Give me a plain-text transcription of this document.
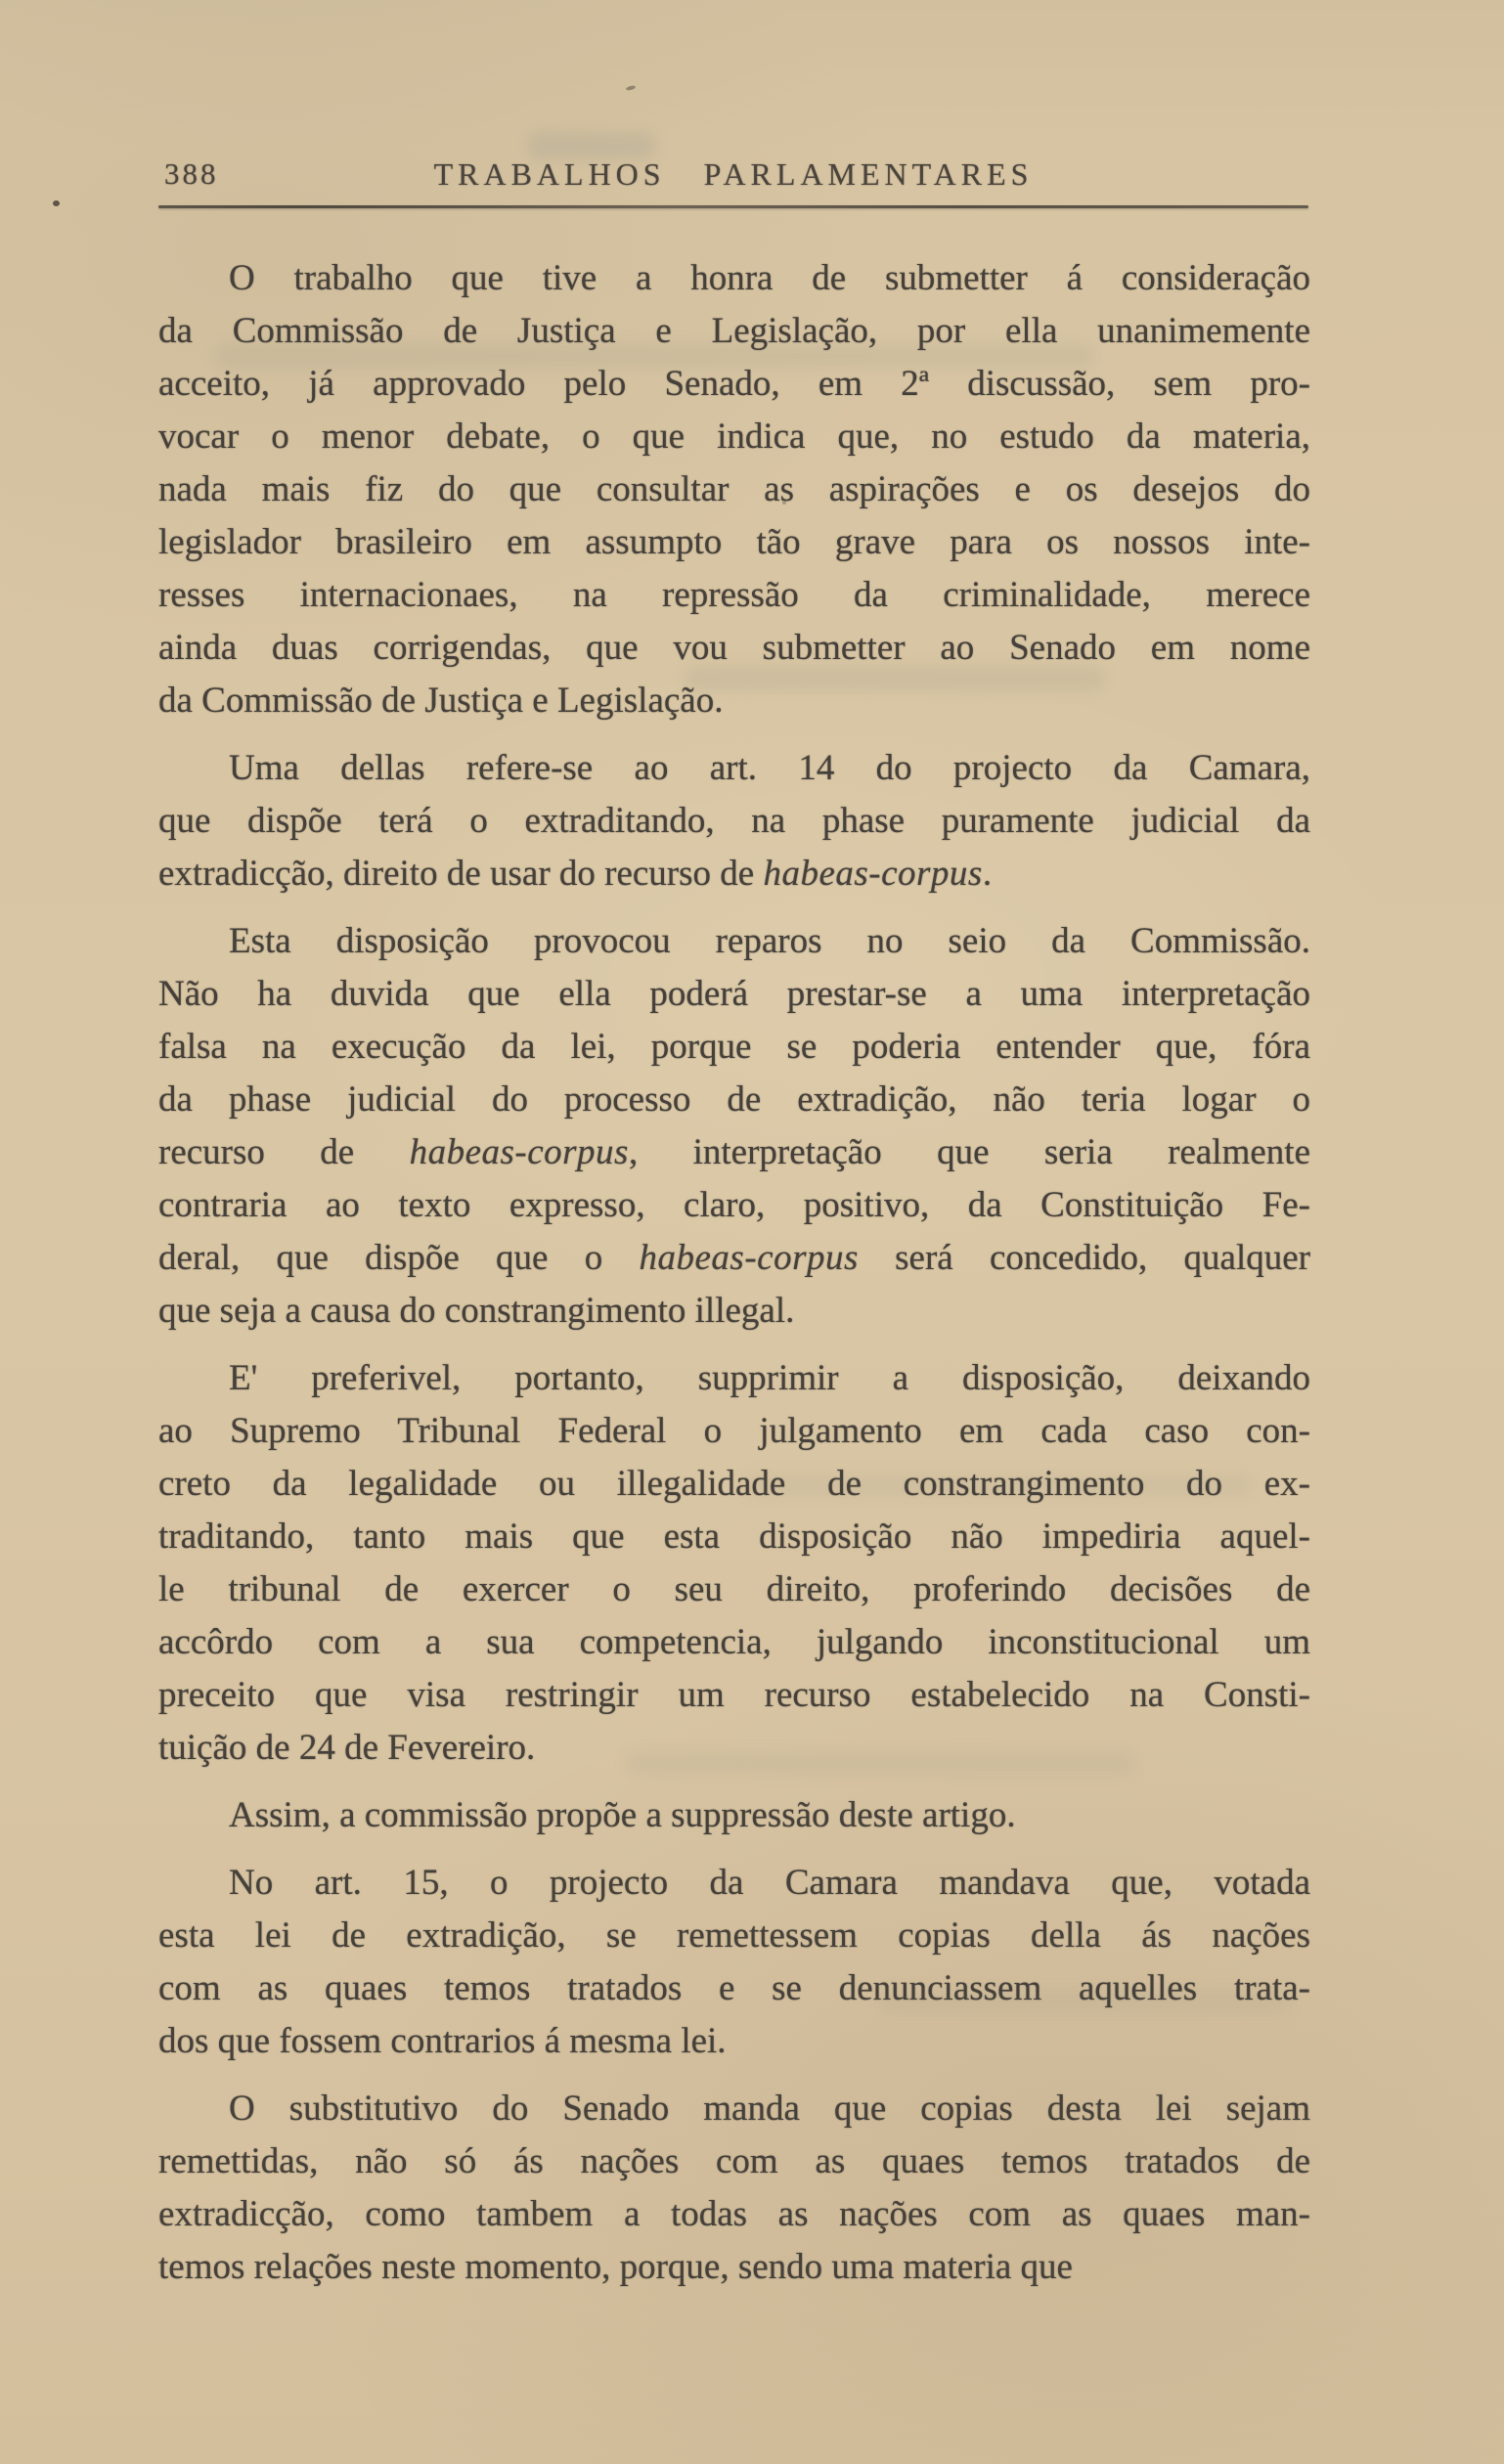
388	TRABALHOS PARLAMENTARES
O trabalho que tive a honra de submetter á consideração
da Commissão de Justiça e Legislação, por ella unanimemente
acceito, já approvado pelo Senado, em 2ª discussão, sem pro-
vocar o menor debate, o que indica que, no estudo da materia,
nada mais fiz do que consultar as aspirações e os desejos do
legislador brasileiro em assumpto tão grave para os nossos inte-
resses internacionaes, na repressão da criminalidade, merece
ainda duas corrigendas, que vou submetter ao Senado em nome
da Commissão de Justiça e Legislação.
Uma dellas refere-se ao art. 14 do projecto da Camara,
que dispõe terá o extraditando, na phase puramente judicial da
extradicção, direito de usar do recurso de habeas-corpus.
Esta disposição provocou reparos no seio da Commissão.
Não ha duvida que ella poderá prestar-se a uma interpretação
falsa na execução da lei, porque se poderia entender que, fóra
da phase judicial do processo de extradição, não teria logar o
recurso de habeas-corpus, interpretação que seria realmente
contraria ao texto expresso, claro, positivo, da Constituição Fe-
deral, que dispõe que o habeas-corpus será concedido, qualquer
que seja a causa do constrangimento illegal.
E' preferivel, portanto, supprimir a disposição, deixando
ao Supremo Tribunal Federal o julgamento em cada caso con-
creto da legalidade ou illegalidade de constrangimento do ex-
traditando, tanto mais que esta disposição não impediria aquel-
le tribunal de exercer o seu direito, proferindo decisões de
accôrdo com a sua competencia, julgando inconstitucional um
preceito que visa restringir um recurso estabelecido na Consti-
tuição de 24 de Fevereiro.
Assim, a commissão propõe a suppressão deste artigo.
No art. 15, o projecto da Camara mandava que, votada
esta lei de extradição, se remettessem copias della ás nações
com as quaes temos tratados e se denunciassem aquelles trata-
dos que fossem contrarios á mesma lei.
O substitutivo do Senado manda que copias desta lei sejam
remettidas, não só ás nações com as quaes temos tratados de
extradicção, como tambem a todas as nações com as quaes man-
temos relações neste momento, porque, sendo uma materia que
